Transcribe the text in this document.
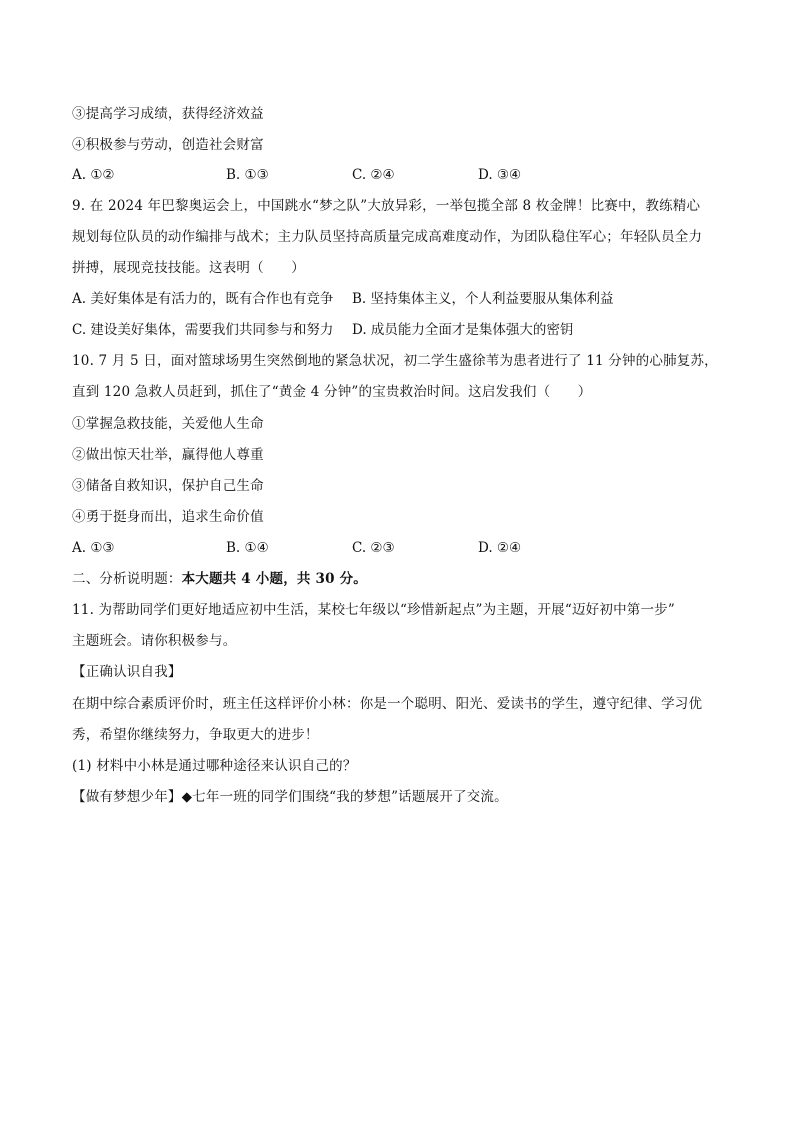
③提高学习成绩，获得经济效益
④积极参与劳动，创造社会财富
A. ①②	B. ①③	C. ②④	D. ③④
9. 在 2024 年巴黎奥运会上，中国跳水“梦之队”大放异彩，一举包揽全部 8 枚金牌！比赛中，教练精心
规划每位队员的动作编排与战术；主力队员坚持高质量完成高难度动作，为团队稳住军心；年轻队员全力
拼搏，展现竞技技能。这表明（　　）
A. 美好集体是有活力的，既有合作也有竞争 B. 坚持集体主义，个人利益要服从集体利益
C. 建设美好集体，需要我们共同参与和努力 D. 成员能力全面才是集体强大的密钥
10. 7 月 5 日，面对篮球场男生突然倒地的紧急状况，初二学生盛徐苇为患者进行了 11 分钟的心肺复苏，
直到 120 急救人员赶到，抓住了“黄金 4 分钟”的宝贵救治时间。这启发我们（　　）
①掌握急救技能，关爱他人生命
②做出惊天壮举，赢得他人尊重
③储备自救知识，保护自己生命
④勇于挺身而出，追求生命价值
A. ①③	B. ①④	C. ②③	D. ②④
二、分析说明题：本大题共 4 小题，共 30 分。
11. 为帮助同学们更好地适应初中生活，某校七年级以“珍惜新起点”为主题，开展“迈好初中第一步”
主题班会。请你积极参与。
【正确认识自我】
在期中综合素质评价时，班主任这样评价小林：你是一个聪明、阳光、爱读书的学生，遵守纪律、学习优
秀，希望你继续努力，争取更大的进步！
(1) 材料中小林是通过哪种途径来认识自己的？
【做有梦想少年】◆七年一班的同学们围绕“我的梦想”话题展开了交流。
